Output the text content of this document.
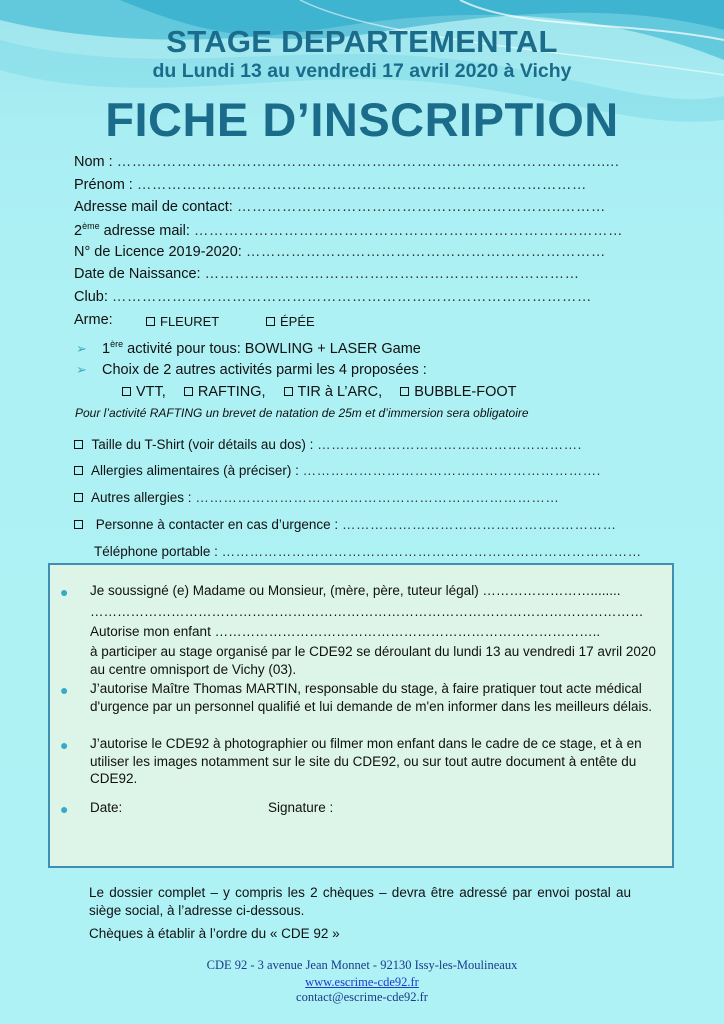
STAGE DEPARTEMENTAL
du Lundi 13 au vendredi 17 avril 2020 à Vichy
FICHE D’INSCRIPTION
Nom : …………………………………………………………………………………….....
Prénom : ………………………………………………………………………………
Adresse mail de contact: ………………………………………………………..………
2ème adresse mail: …………………………………………………………………..………
N° de Licence 2019-2020: ………………………………………………………………
Date de Naissance: …………………………………………………………………
Club: ……………………………………………………………………………………
Arme:	FLEURET	ÉPÉE
➢ 1ère activité pour tous: BOWLING + LASER Game
➢ Choix de 2 autres activités parmi les 4 proposées :
VTT, RAFTING, TIR à L’ARC, BUBBLE-FOOT
Pour l’activité RAFTING un brevet de natation de 25m et d’immersion sera obligatoire
Taille du T-Shirt (voir détails au dos) : ……………………………..………………….
Allergies alimentaires (à préciser) : ……………………………………………………….
Autres allergies : ……………………………………………………………………
Personne à contacter en cas d’urgence : ………………………………………..…………
Téléphone portable : ………………………………………………………………………………
● Je soussigné (e) Madame ou Monsieur, (mère, père, tuteur légal) ……………………........
……………………………………………………………………………………………………………
Autorise mon enfant …………………………………………………………………………..
à participer au stage organisé par le CDE92 se déroulant du lundi 13 au vendredi 17 avril 2020 au centre omnisport de Vichy (03).
● J’autorise Maître Thomas MARTIN, responsable du stage, à faire pratiquer tout acte médical d'urgence par un personnel qualifié et lui demande de m'en informer dans les meilleurs délais.
● J’autorise le CDE92 à photographier ou filmer mon enfant dans le cadre de ce stage, et à en utiliser les images notamment sur le site du CDE92, ou sur tout autre document à entête du CDE92.
● Date:	Signature :
Le dossier complet – y compris les 2 chèques – devra être adressé par envoi postal au siège social, à l’adresse ci-dessous.
Chèques à établir à l’ordre du « CDE 92 »
CDE 92 - 3 avenue Jean Monnet - 92130 Issy-les-Moulineaux
www.escrime-cde92.fr
contact@escrime-cde92.fr
